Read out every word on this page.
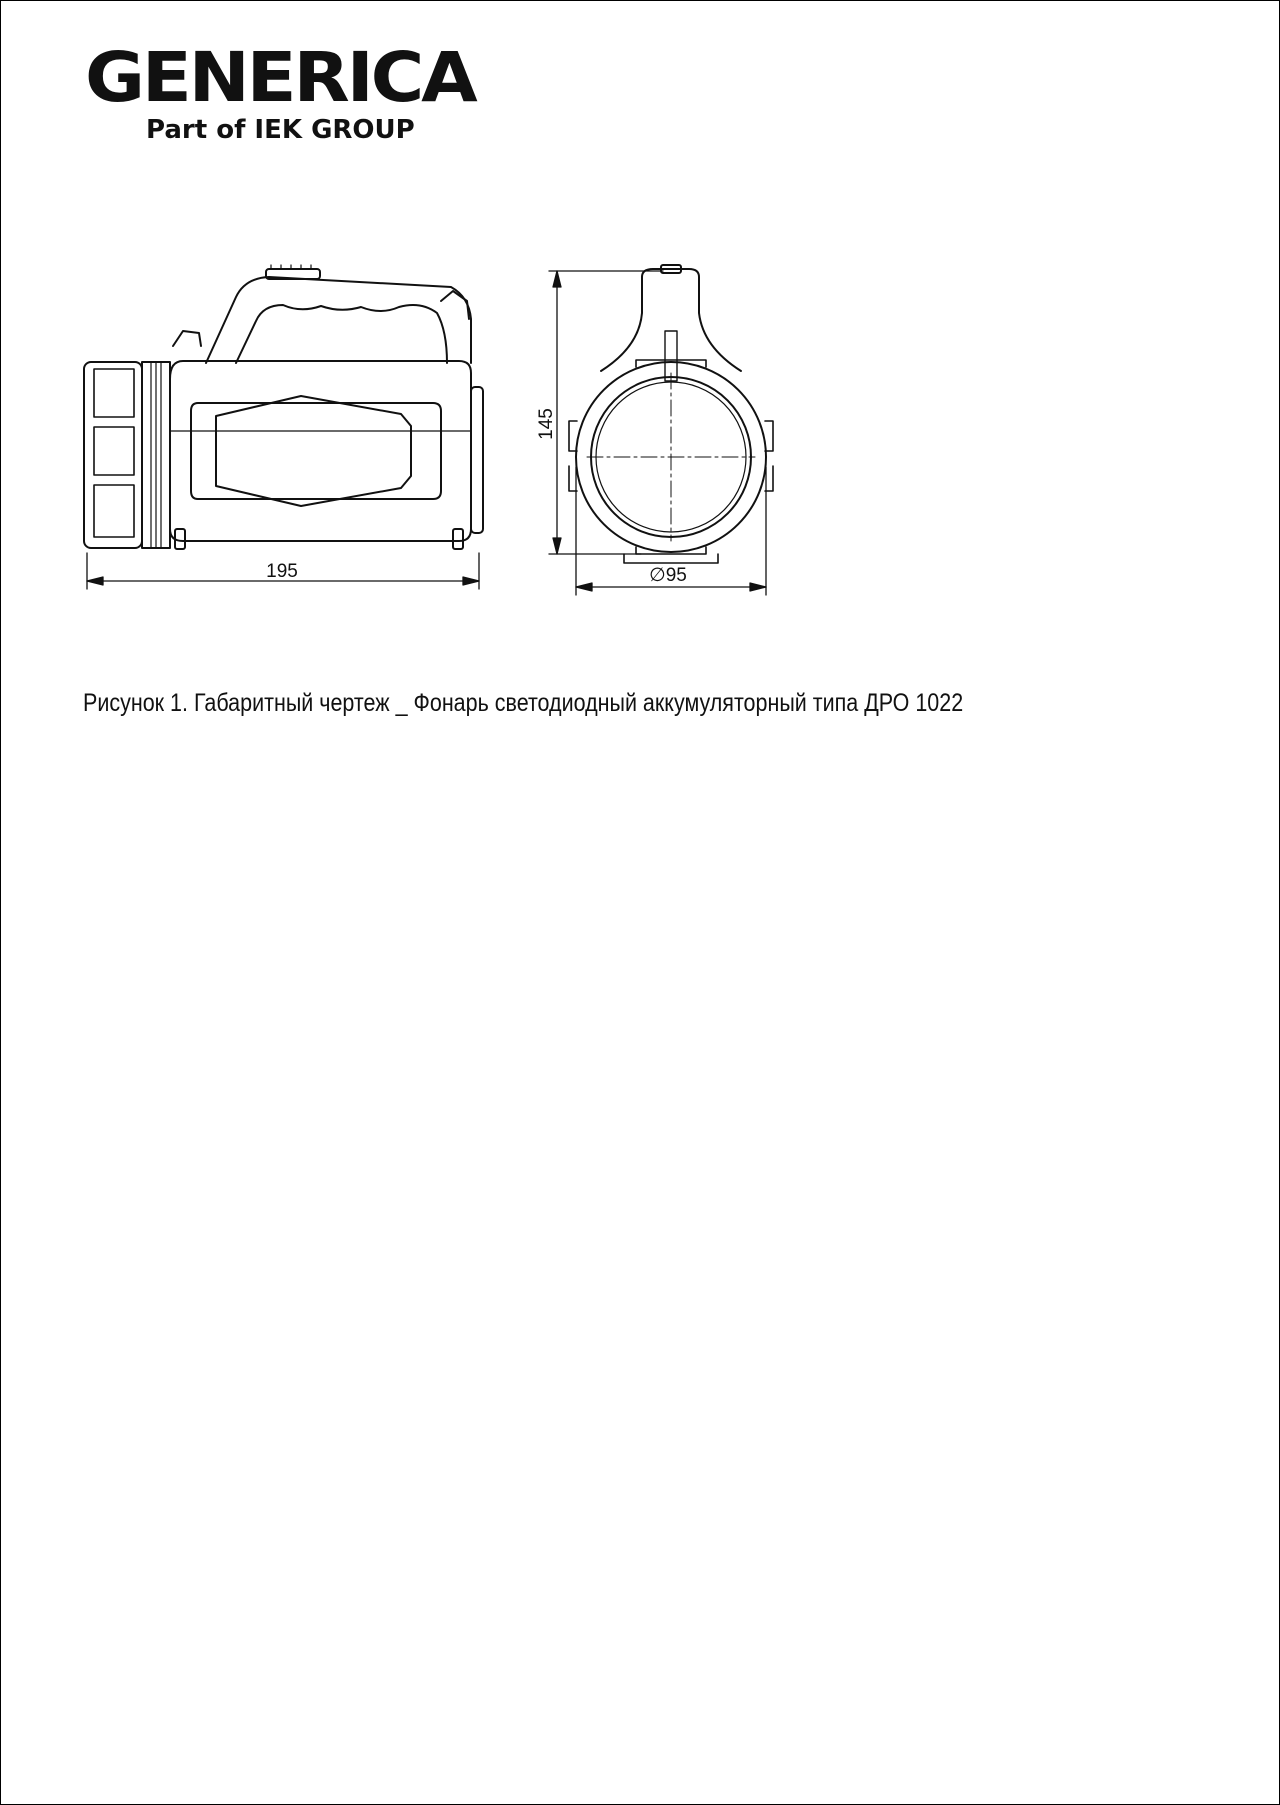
GENERICA
Part of IEK GROUP
195
145
∅95
Рисунок 1. Габаритный чертеж _ Фонарь светодиодный аккумуляторный типа ДРО 1022
